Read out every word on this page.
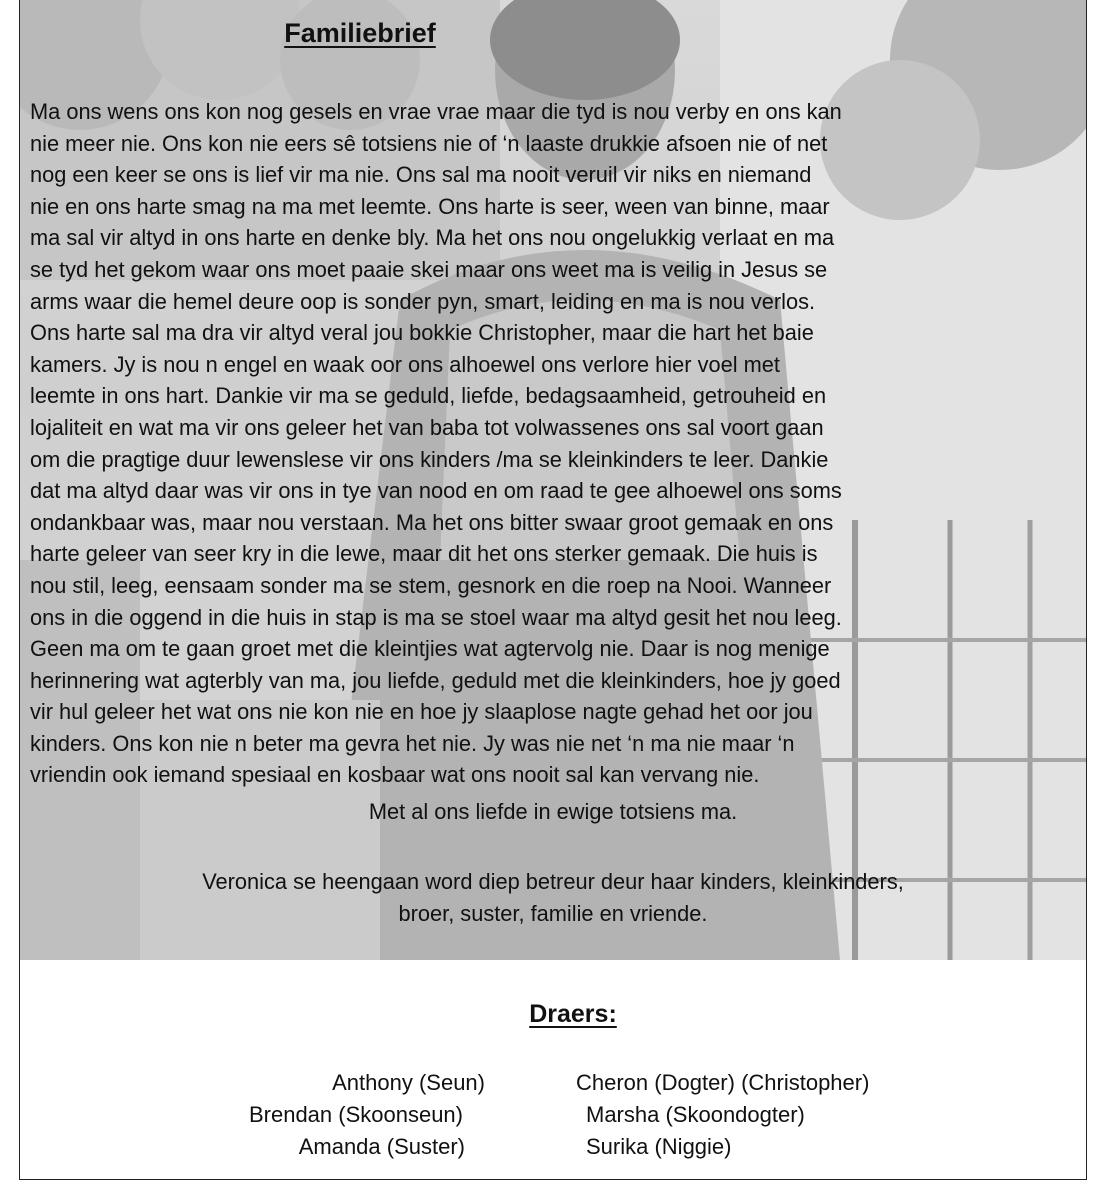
Familiebrief
Ma ons wens ons kon nog gesels en vrae vrae maar die tyd is nou verby en ons kan
nie meer nie. Ons kon nie eers sê totsiens nie of ‘n laaste drukkie afsoen nie of net
nog een keer se ons is lief vir ma nie. Ons sal ma nooit veruil vir niks en niemand
nie en ons harte smag na ma met leemte. Ons harte is seer, ween van binne, maar
ma sal vir altyd in ons harte en denke bly. Ma het ons nou ongelukkig verlaat en ma
se tyd het gekom waar ons moet paaie skei maar ons weet ma is veilig in Jesus se
arms waar die hemel deure oop is sonder pyn, smart, leiding en ma is nou verlos.
Ons harte sal ma dra vir altyd veral jou bokkie Christopher, maar die hart het baie
kamers. Jy is nou n engel en waak oor ons alhoewel ons verlore hier voel met
leemte in ons hart. Dankie vir ma se geduld, liefde, bedagsaamheid, getrouheid en
lojaliteit en wat ma vir ons geleer het van baba tot volwassenes ons sal voort gaan
om die pragtige duur lewenslese vir ons kinders /ma se kleinkinders te leer. Dankie
dat ma altyd daar was vir ons in tye van nood en om raad te gee alhoewel ons soms
ondankbaar was, maar nou verstaan. Ma het ons bitter swaar groot gemaak en ons
harte geleer van seer kry in die lewe, maar dit het ons sterker gemaak. Die huis is
nou stil, leeg, eensaam sonder ma se stem, gesnork en die roep na Nooi. Wanneer
ons in die oggend in die huis in stap is ma se stoel waar ma altyd gesit het nou leeg.
Geen ma om te gaan groet met die kleintjies wat agtervolg nie. Daar is nog menige
herinnering wat agterbly van ma, jou liefde, geduld met die kleinkinders, hoe jy goed
vir hul geleer het wat ons nie kon nie en hoe jy slaaplose nagte gehad het oor jou
kinders. Ons kon nie n beter ma gevra het nie. Jy was nie net ‘n ma nie maar ‘n
vriendin ook iemand spesiaal en kosbaar wat ons nooit sal kan vervang nie.
Met al ons liefde in ewige totsiens ma.
Veronica se heengaan word diep betreur deur haar kinders, kleinkinders,
broer, suster, familie en vriende.
Draers:
Anthony (Seun)
Brendan (Skoonseun)
Amanda (Suster)
Cheron (Dogter) (Christopher)
Marsha (Skoondogter)
Surika (Niggie)
